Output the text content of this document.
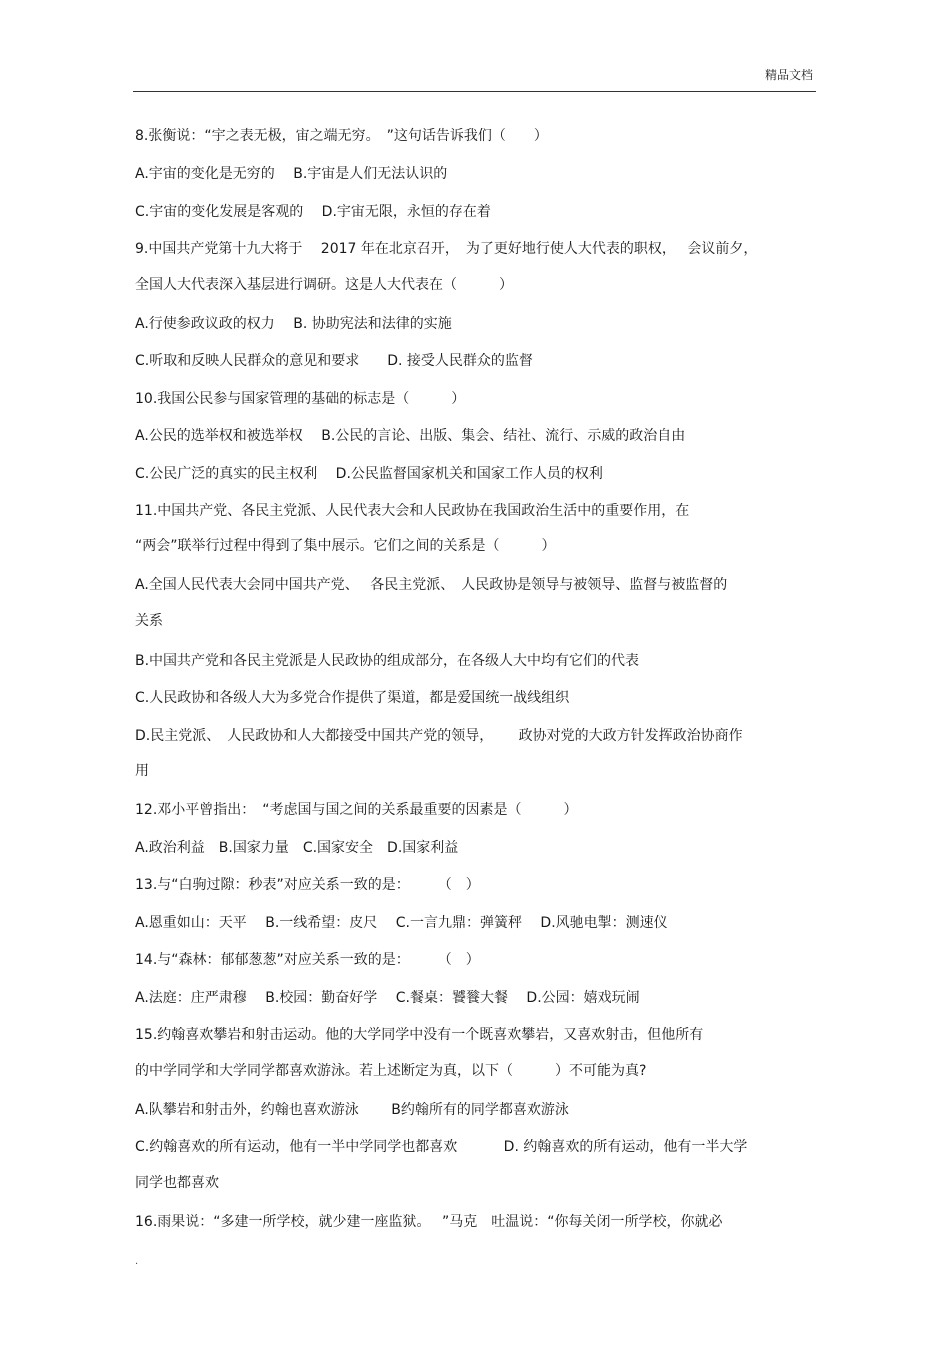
精品文档
8.张衡说：“宇之表无极，宙之端无穷。　”这句话告诉我们（　　）
A.宇宙的变化是无穷的　 B.宇宙是人们无法认识的
C.宇宙的变化发展是客观的　 D.宇宙无限，永恒的存在着
9.中国共产党第十九大将于　 2017 年在北京召开，　为了更好地行使人大代表的职权，　 会议前夕，
全国人大代表深入基层进行调研。这是人大代表在（　　　）
A.行使参政议政的权力　 B. 协助宪法和法律的实施
C.听取和反映人民群众的意见和要求　　D. 接受人民群众的监督
10.我国公民参与国家管理的基础的标志是（　　　）
A.公民的选举权和被选举权　 B.公民的言论、出版、集会、结社、流行、示威的政治自由
C.公民广泛的真实的民主权利　 D.公民监督国家机关和国家工作人员的权利
11.中国共产党、各民主党派、人民代表大会和人民政协在我国政治生活中的重要作用，在
“两会”联举行过程中得到了集中展示。它们之间的关系是（　　　）
A.全国人民代表大会同中国共产党、　 各民主党派、　人民政协是领导与被领导、监督与被监督的
关系
B.中国共产党和各民主党派是人民政协的组成部分，在各级人大中均有它们的代表
C.人民政协和各级人大为多党合作提供了渠道，都是爱国统一战线组织
D.民主党派、　人民政协和人大都接受中国共产党的领导，　　 政协对党的大政方针发挥政治协商作
用
12.邓小平曾指出：　“考虑国与国之间的关系最重要的因素是（　　　）
A.政治利益　B.国家力量　C.国家安全　D.国家利益
13.与“白驹过隙：秒表”对应关系一致的是：　　　（　）
A.恩重如山：天平　 B.一线希望：皮尺　 C.一言九鼎：弹簧秤　 D.风驰电掣：测速仪
14.与“森林：郁郁葱葱”对应关系一致的是：　　　（　）
A.法庭：庄严肃穆　 B.校园：勤奋好学　 C.餐桌：饕餮大餐　 D.公园：嬉戏玩闹
15.约翰喜欢攀岩和射击运动。他的大学同学中没有一个既喜欢攀岩，又喜欢射击，但他所有
的中学同学和大学同学都喜欢游泳。若上述断定为真，以下（　　　）不可能为真?
A.队攀岩和射击外，约翰也喜欢游泳　　 B约翰所有的同学都喜欢游泳
C.约翰喜欢的所有运动，他有一半中学同学也都喜欢　　　 D. 约翰喜欢的所有运动，他有一半大学
同学也都喜欢
16.雨果说：“多建一所学校，就少建一座监狱。　 ”马克　吐温说：“你每关闭一所学校，你就必
.
